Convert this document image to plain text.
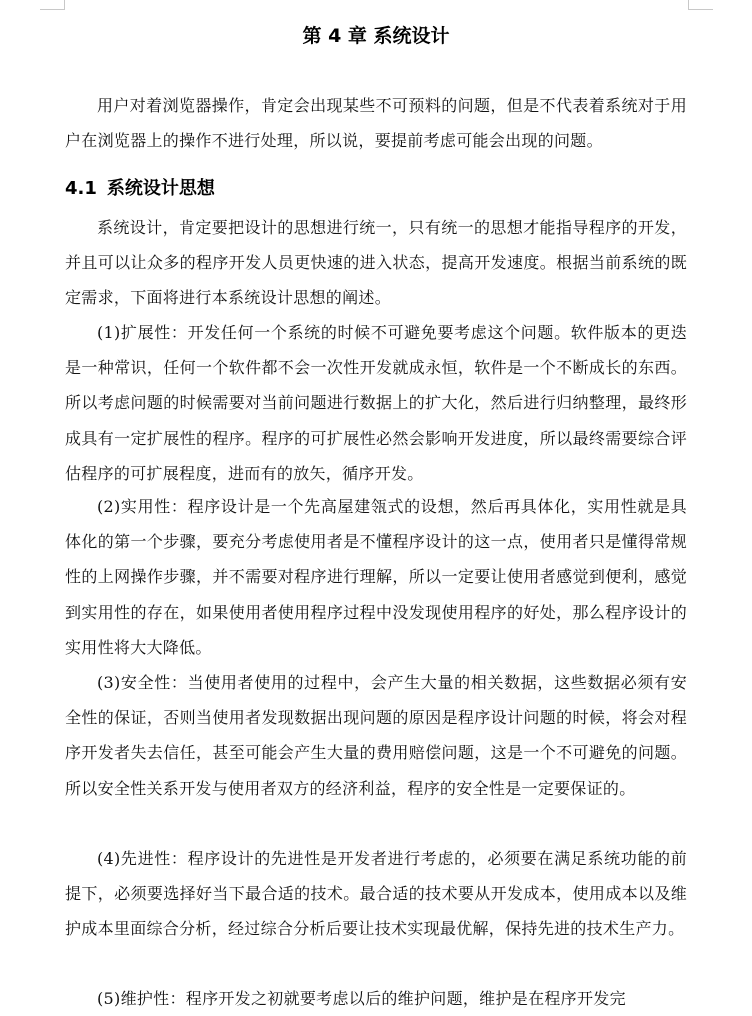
第 4 章 系统设计

用户对着浏览器操作，肯定会出现某些不可预料的问题，但是不代表着系统对于用户在浏览器上的操作不进行处理，所以说，要提前考虑可能会出现的问题。

4.1 系统设计思想

系统设计，肯定要把设计的思想进行统一，只有统一的思想才能指导程序的开发，并且可以让众多的程序开发人员更快速的进入状态，提高开发速度。根据当前系统的既定需求，下面将进行本系统设计思想的阐述。

(1)扩展性：开发任何一个系统的时候不可避免要考虑这个问题。软件版本的更迭是一种常识，任何一个软件都不会一次性开发就成永恒，软件是一个不断成长的东西。所以考虑问题的时候需要对当前问题进行数据上的扩大化，然后进行归纳整理，最终形成具有一定扩展性的程序。程序的可扩展性必然会影响开发进度，所以最终需要综合评估程序的可扩展程度，进而有的放矢，循序开发。

(2)实用性：程序设计是一个先高屋建瓴式的设想，然后再具体化，实用性就是具体化的第一个步骤，要充分考虑使用者是不懂程序设计的这一点，使用者只是懂得常规性的上网操作步骤，并不需要对程序进行理解，所以一定要让使用者感觉到便利，感觉到实用性的存在，如果使用者使用程序过程中没发现使用程序的好处，那么程序设计的实用性将大大降低。

(3)安全性：当使用者使用的过程中，会产生大量的相关数据，这些数据必须有安全性的保证，否则当使用者发现数据出现问题的原因是程序设计问题的时候，将会对程序开发者失去信任，甚至可能会产生大量的费用赔偿问题，这是一个不可避免的问题。所以安全性关系开发与使用者双方的经济利益，程序的安全性是一定要保证的。

(4)先进性：程序设计的先进性是开发者进行考虑的，必须要在满足系统功能的前提下，必须要选择好当下最合适的技术。最合适的技术要从开发成本，使用成本以及维护成本里面综合分析，经过综合分析后要让技术实现最优解，保持先进的技术生产力。

(5)维护性：程序开发之初就要考虑以后的维护问题，维护是在程序开发完
